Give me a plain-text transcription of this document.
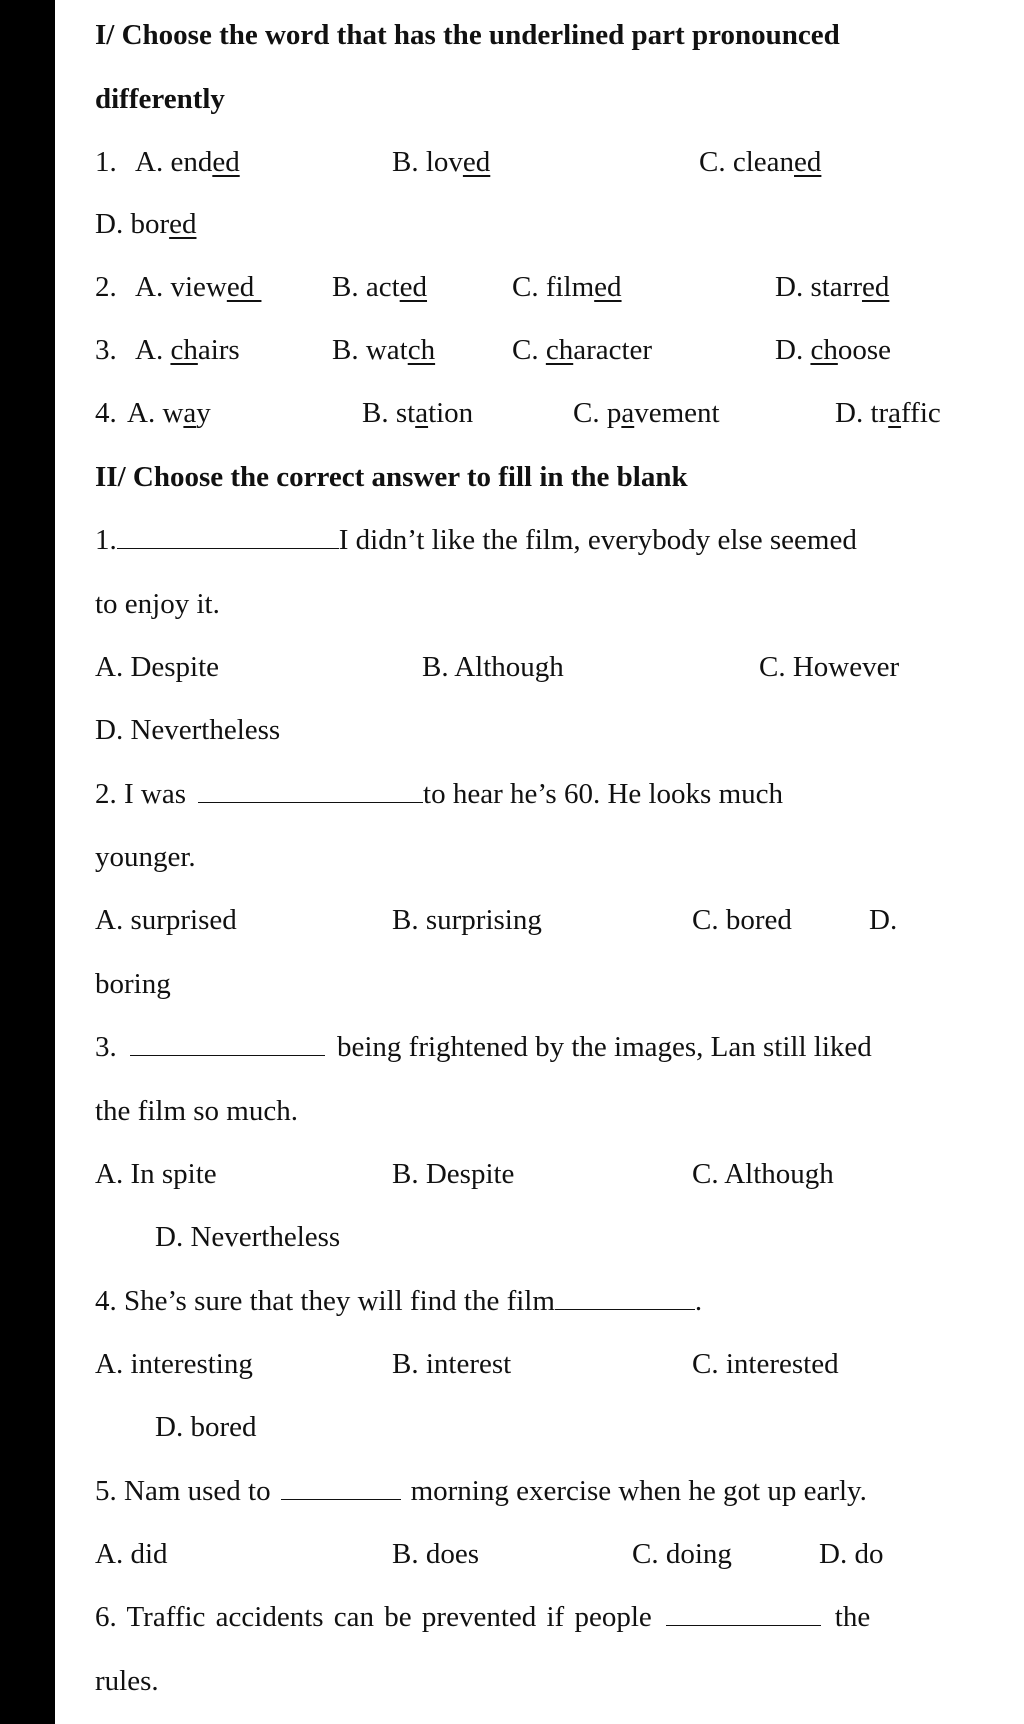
I/ Choose the word that has the underlined part pronounced
differently
1. A. ended	B. loved	C. cleaned
D. bored
2. A. viewed B. acted	C. filmed	D. starred
3. A. chairs	B. watch	C. character	D. choose
4. A. way	B. station	C. pavement	D. traffic
II/ Choose the correct answer to fill in the blank
1.	I didn’t like the film, everybody else seemed
to enjoy it.
A. Despite	B. Although	C. However
D. Nevertheless
2. I was	to hear he’s 60. He looks much
younger.
A. surprised	B. surprising	C. bored	D.
boring
3.	being frightened by the images, Lan still liked
the film so much.
A. In spite	B. Despite	C. Although
D. Nevertheless
4. She’s sure that they will find the film	.
A. interesting	B. interest	C. interested
D. bored
5. Nam used to	morning exercise when he got up early.
A. did	B. does	C. doing	D. do
6. Traffic accidents can be prevented if people	the
rules.
